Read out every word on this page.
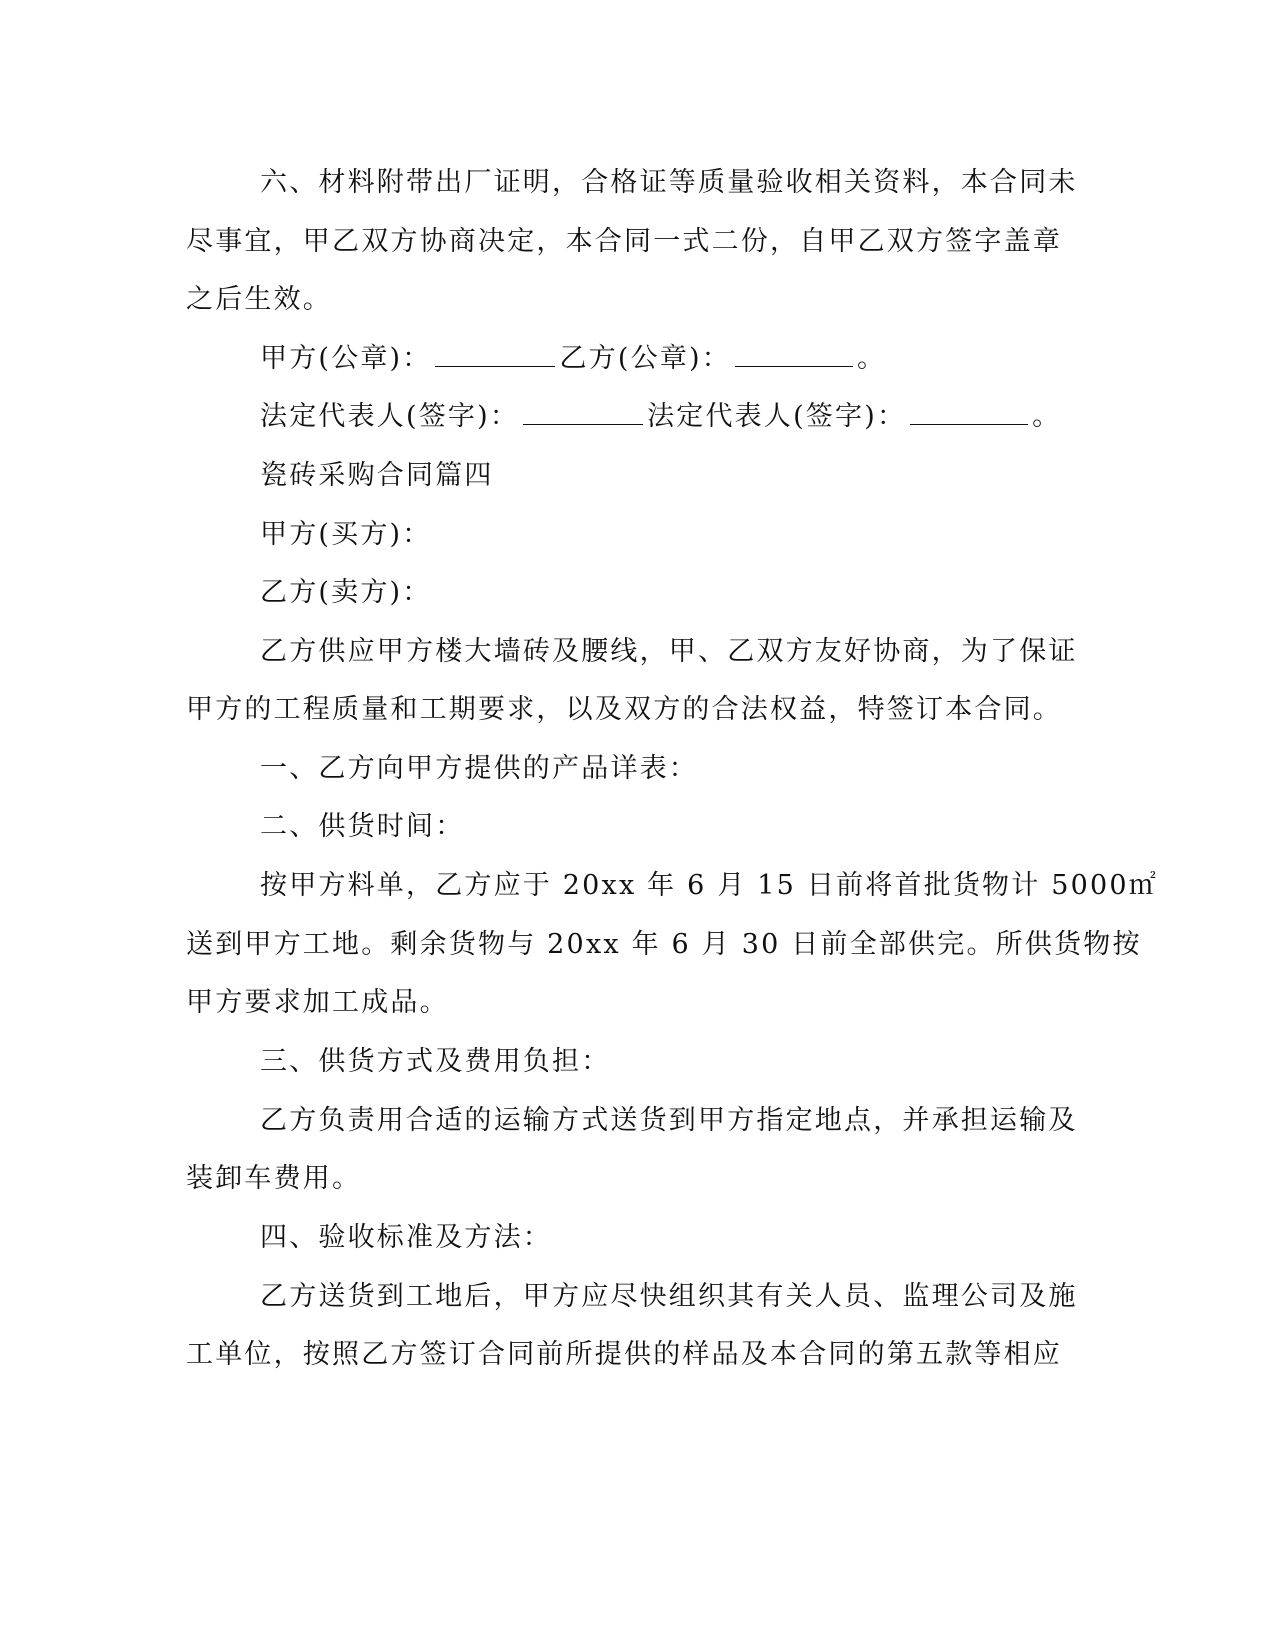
六、材料附带出厂证明，合格证等质量验收相关资料，本合同未
尽事宜，甲乙双方协商决定，本合同一式二份，自甲乙双方签字盖章
之后生效。
甲方(公章)：	乙方(公章)：	。
法定代表人(签字)：	法定代表人(签字)：	。
瓷砖采购合同篇四
甲方(买方)：
乙方(卖方)：
乙方供应甲方楼大墙砖及腰线，甲、乙双方友好协商，为了保证
甲方的工程质量和工期要求，以及双方的合法权益，特签订本合同。
一、乙方向甲方提供的产品详表：
二、供货时间：
按甲方料单，乙方应于 20xx 年 6 月 15 日前将首批货物计 5000㎡
送到甲方工地。剩余货物与 20xx 年 6 月 30 日前全部供完。所供货物按
甲方要求加工成品。
三、供货方式及费用负担：
乙方负责用合适的运输方式送货到甲方指定地点，并承担运输及
装卸车费用。
四、验收标准及方法：
乙方送货到工地后，甲方应尽快组织其有关人员、监理公司及施
工单位，按照乙方签订合同前所提供的样品及本合同的第五款等相应
